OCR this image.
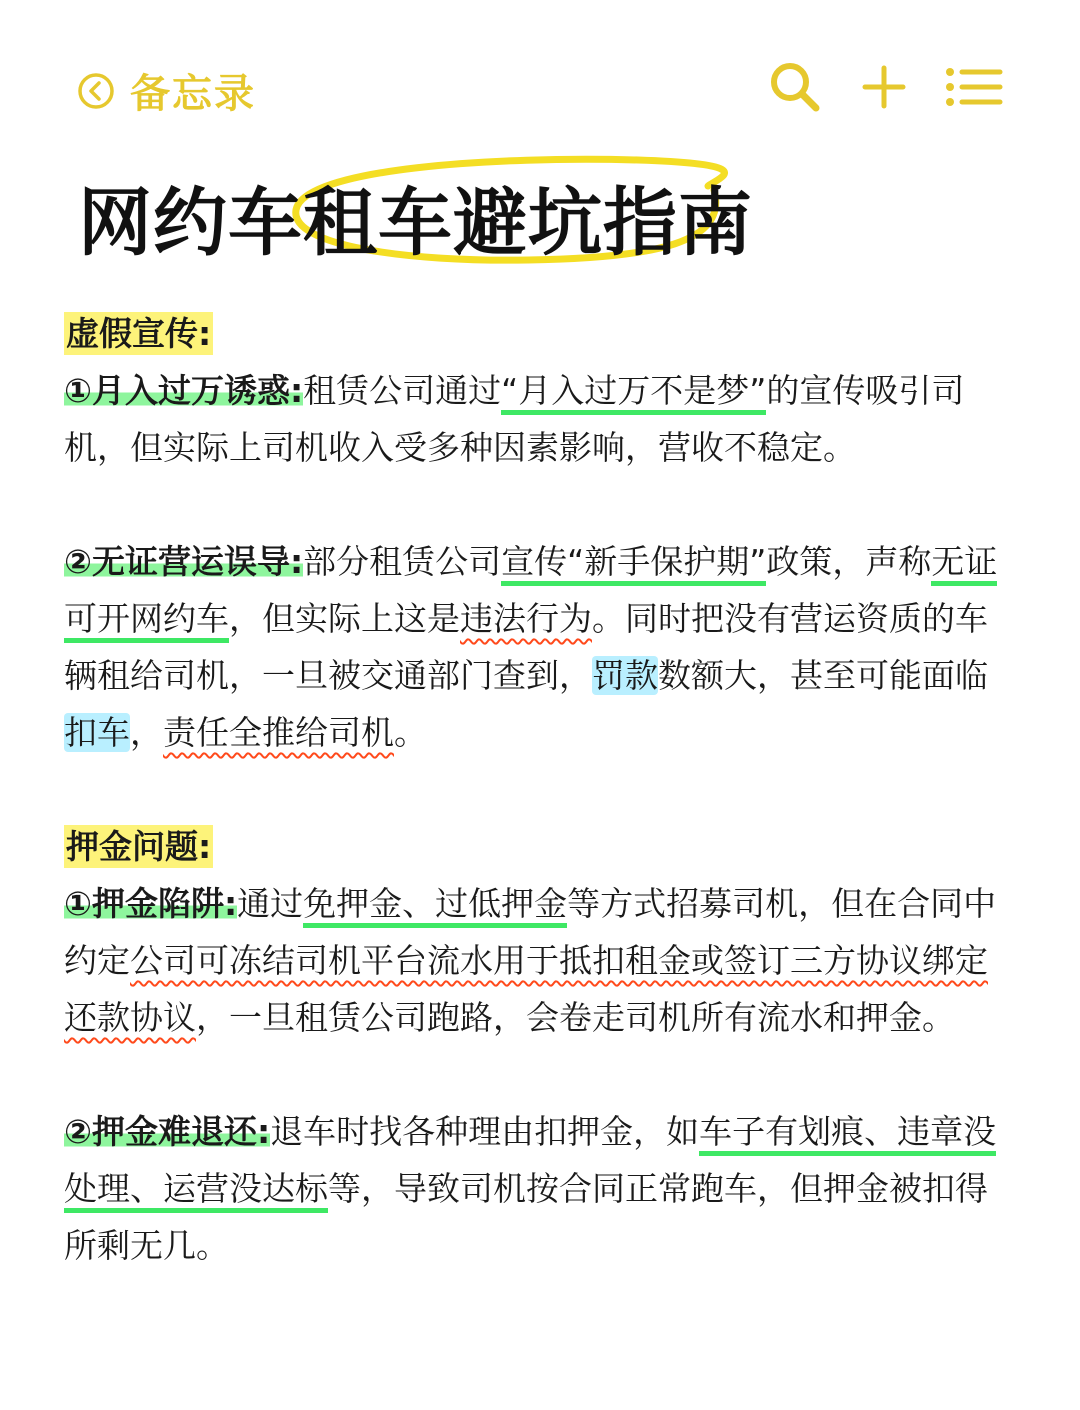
备忘录
网约车租车避坑指南

虚假宣传:

①月入过万诱惑:租赁公司通过“月入过万不是梦”的宣传吸引司机，但实际上司机收入受多种因素影响，营收不稳定。

②无证营运误导:部分租赁公司宣传“新手保护期”政策，声称无证可开网约车，但实际上这是违法行为。同时把没有营运资质的车辆租给司机，一旦被交通部门查到，罚款数额大，甚至可能面临扣车，责任全推给司机。

押金问题:

①押金陷阱:通过免押金、过低押金等方式招募司机，但在合同中约定公司可冻结司机平台流水用于抵扣租金或签订三方协议绑定还款协议，一旦租赁公司跑路，会卷走司机所有流水和押金。

②押金难退还:退车时找各种理由扣押金，如车子有划痕、违章没处理、运营没达标等，导致司机按合同正常跑车，但押金被扣得所剩无几。
